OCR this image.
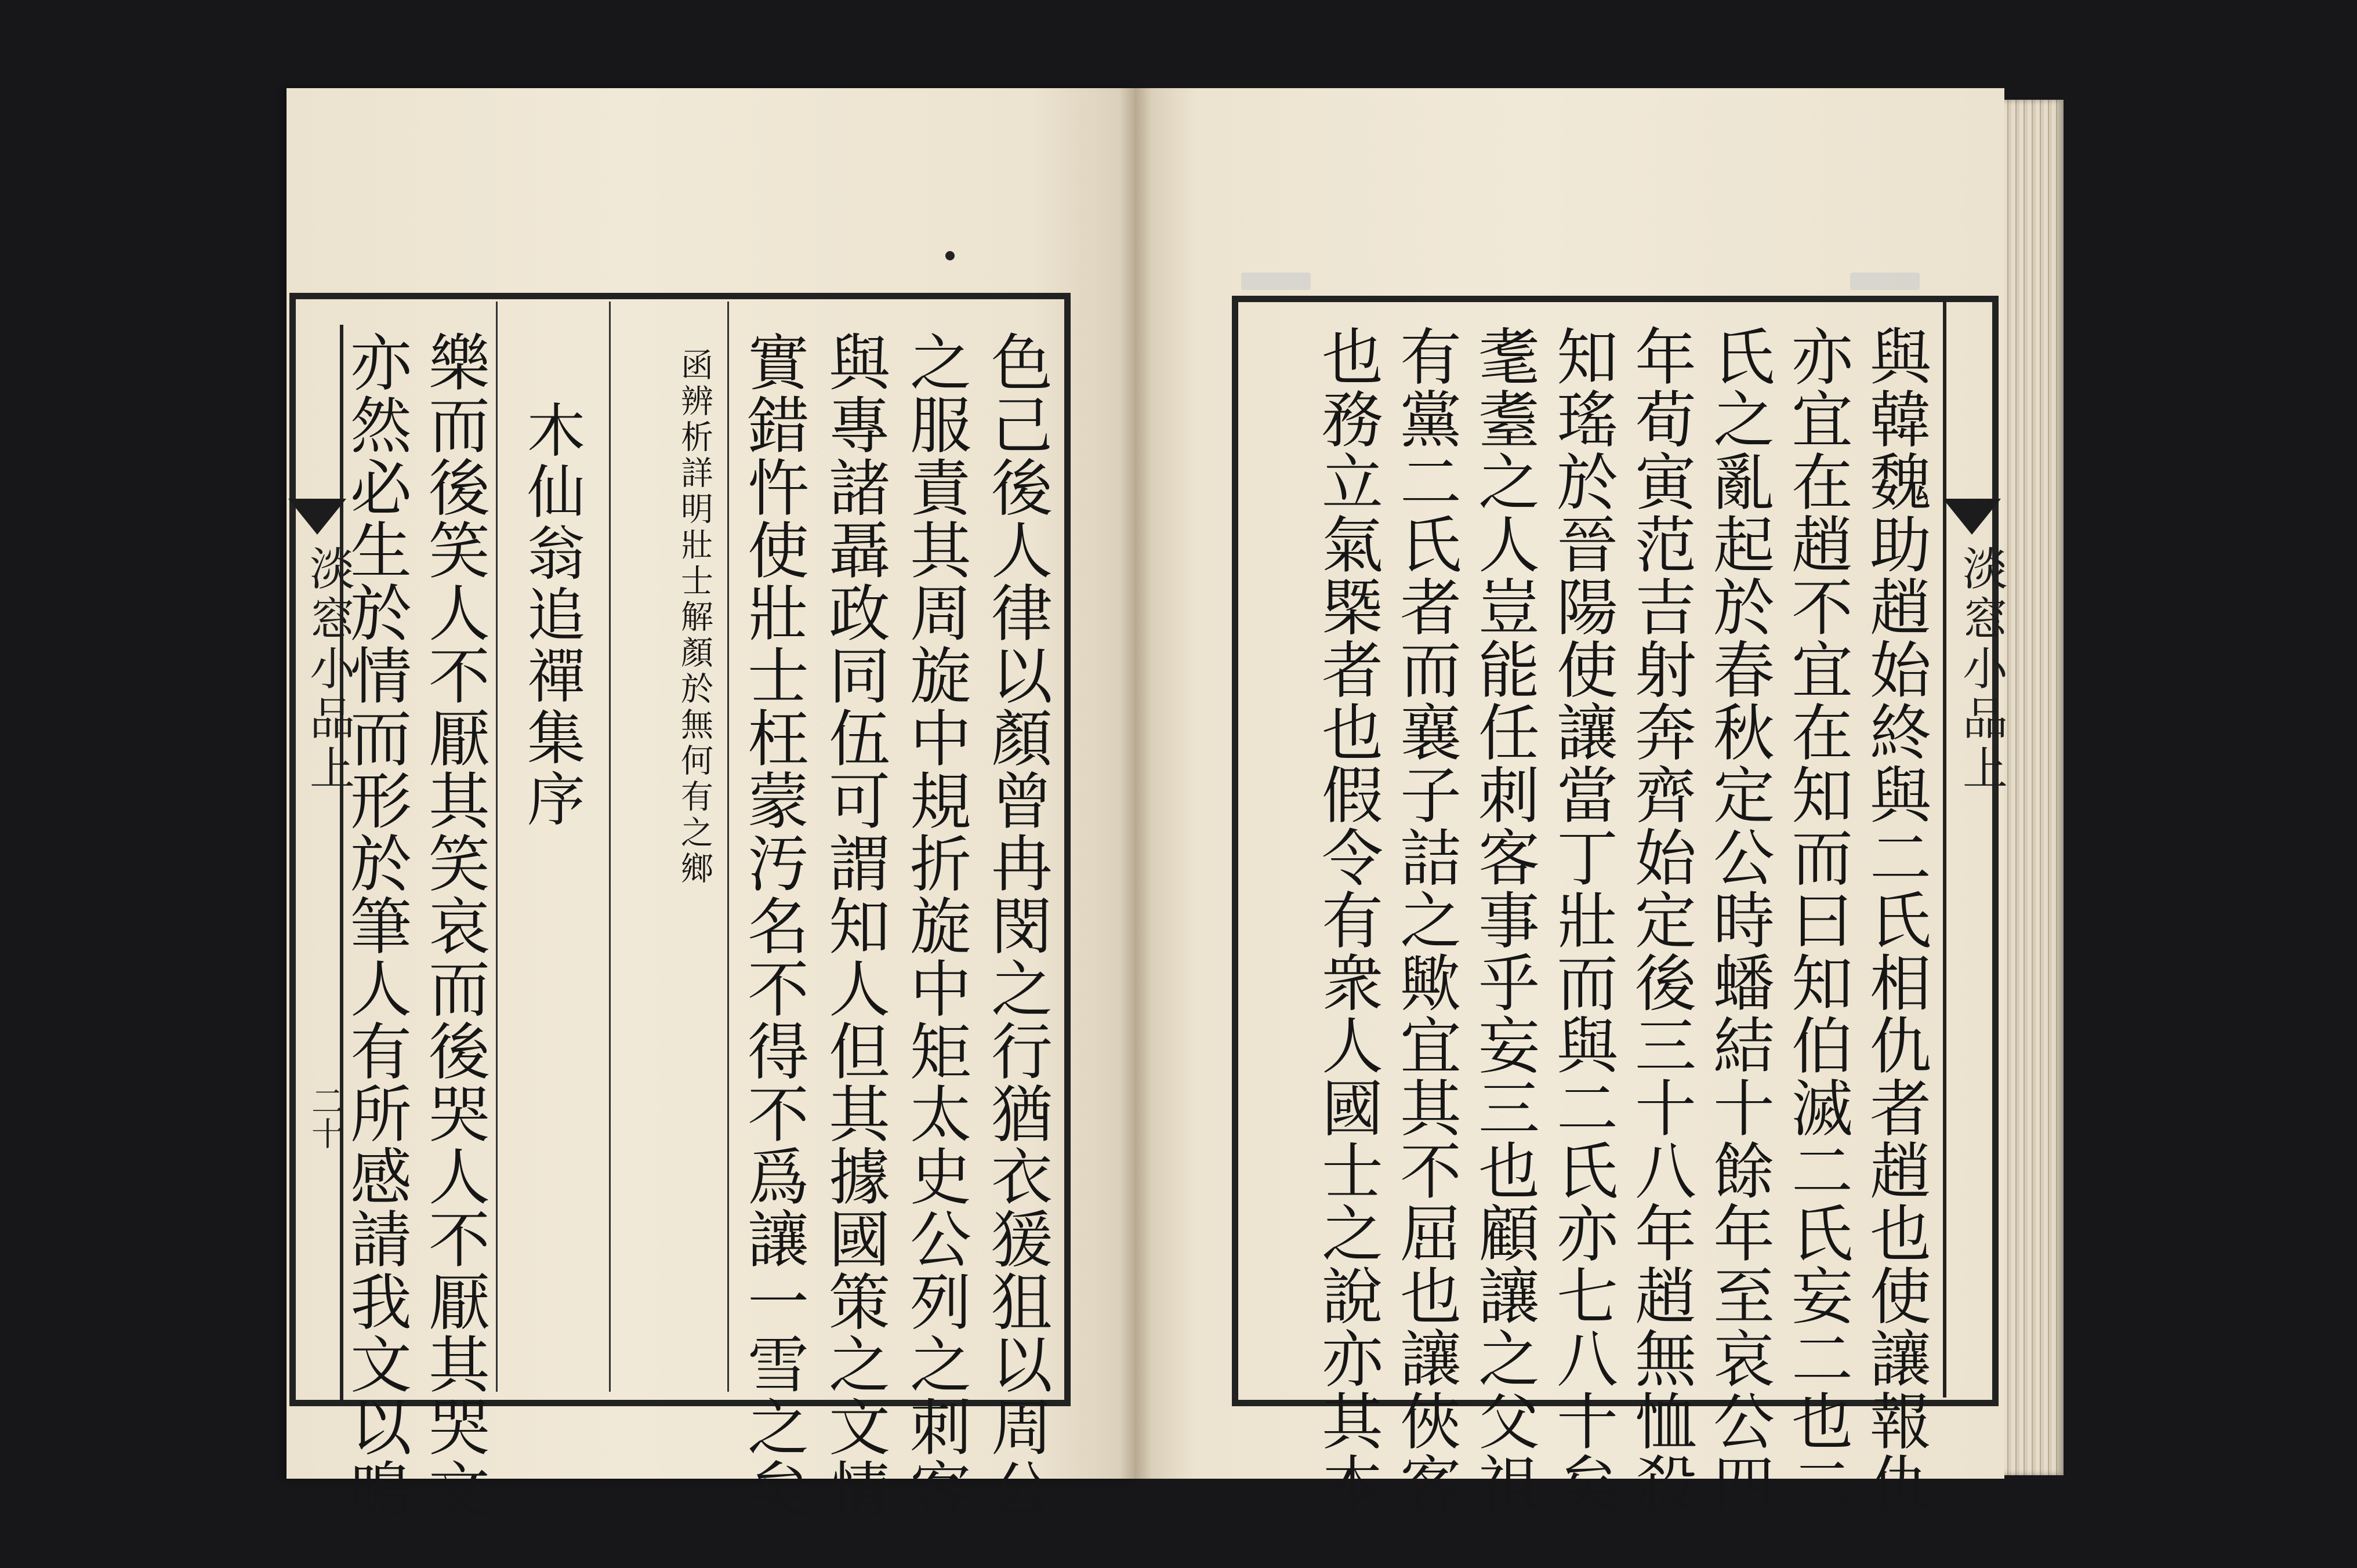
淡窓小品上
二十	色己後人律以顏曾冉閔之行猶衣猨狙以周公
之服責其周旋中規折旋中矩太史公列之刺客
與專諸聶政同伍可謂知人但其據國策之文情
實錯忤使壯士枉蒙汚名不得不爲讓一雪之矣
函辨析詳明壯士解顏於無何有之鄉
木仙翁追禪集序
樂而後笑人不厭其笑哀而後哭人不厭其哭文
亦然必生於情而形於筆人有所感請我文以鳴	淡窓小品上
與韓魏助趙始終與二氏相仇者趙也使讓報仇
亦宜在趙不宜在知而曰知伯滅二氏妄二也二
氏之亂起於春秋定公時蟠結十餘年至哀公四
年荀寅范吉射奔齊始定後三十八年趙無恤殺
知瑤於晉陽使讓當丁壯而與二氏亦七八十矣
耄耋之人豈能任刺客事乎妄三也顧讓之父祖
有黨二氏者而襄子詰之歟宜其不屈也讓俠客
也務立氣槩者也假令有衆人國士之說亦其本
